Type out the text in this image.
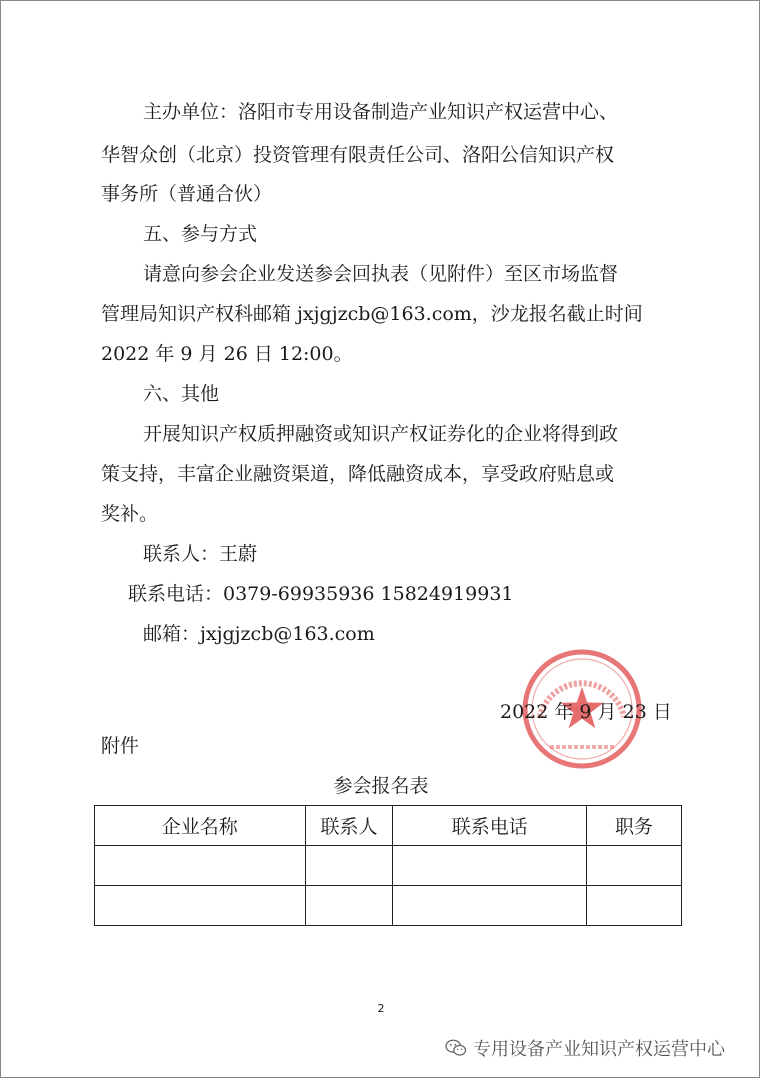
主办单位：洛阳市专用设备制造产业知识产权运营中心、
华智众创（北京）投资管理有限责任公司、洛阳公信知识产权
事务所（普通合伙）
五、参与方式
请意向参会企业发送参会回执表（见附件）至区市场监督
管理局知识产权科邮箱 jxjgjzcb@163.com，沙龙报名截止时间
2022 年 9 月 26 日 12:00。
六、其他
开展知识产权质押融资或知识产权证券化的企业将得到政
策支持，丰富企业融资渠道，降低融资成本，享受政府贴息或
奖补。
联系人：王蔚
联系电话：0379-69935936 15824919931
邮箱：jxjgjzcb@163.com
2022 年 9 月 23 日
附件
参会报名表
企业名称	联系人	联系电话	职务

2
专用设备产业知识产权运营中心
